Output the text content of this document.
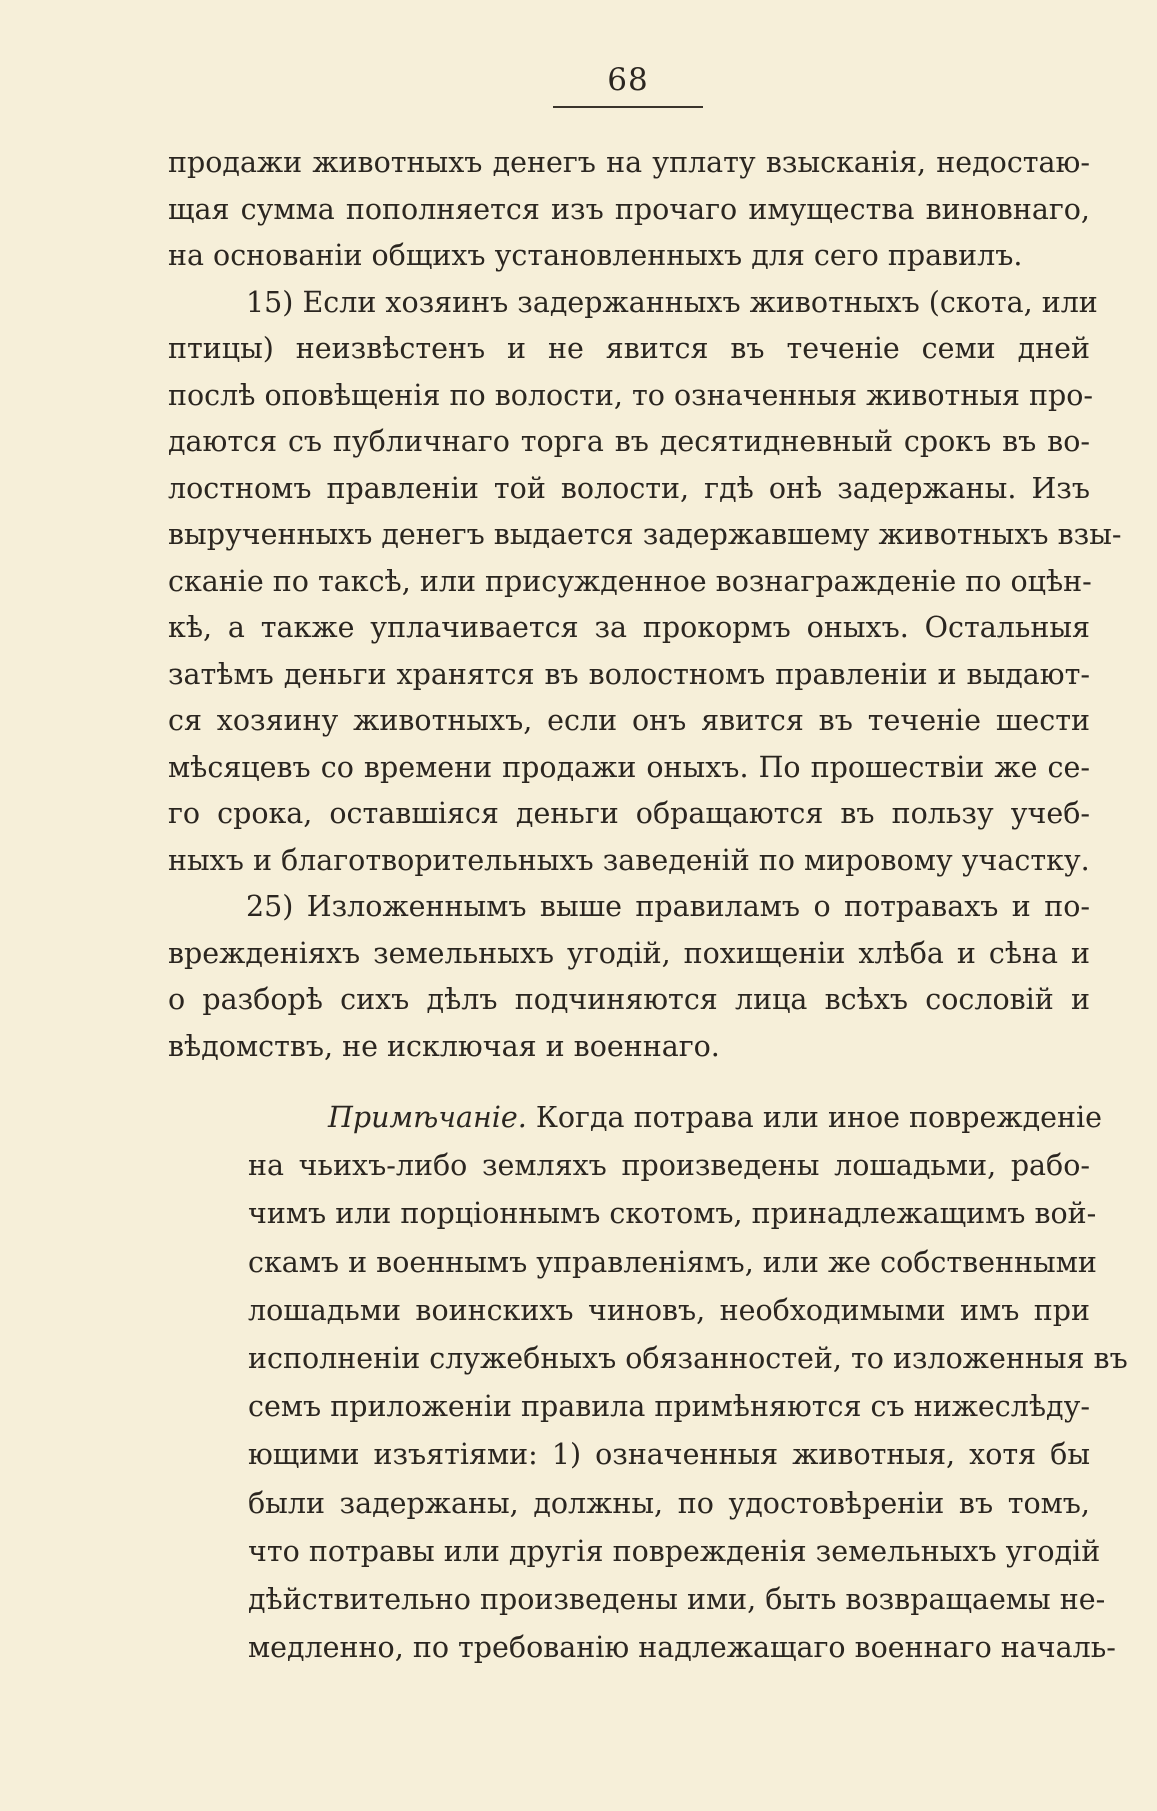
68
продажи животныхъ денегъ на уплату взысканія, недостаю-
щая сумма пополняется изъ прочаго имущества виновнаго,
на основаніи общихъ установленныхъ для сего правилъ.
15) Если хозяинъ задержанныхъ животныхъ (скота, или
птицы) неизвѣстенъ и не явится въ теченіе семи дней
послѣ оповѣщенія по волости, то означенныя животныя про-
даются съ публичнаго торга въ десятидневный срокъ въ во-
лостномъ правленіи той волости, гдѣ онѣ задержаны. Изъ
вырученныхъ денегъ выдается задержавшему животныхъ взы-
сканіе по таксѣ, или присужденное вознагражденіе по оцѣн-
кѣ, а также уплачивается за прокормъ оныхъ. Остальныя
затѣмъ деньги хранятся въ волостномъ правленіи и выдают-
ся хозяину животныхъ, если онъ явится въ теченіе шести
мѣсяцевъ со времени продажи оныхъ. По прошествіи же се-
го срока, оставшіяся деньги обращаются въ пользу учеб-
ныхъ и благотворительныхъ заведеній по мировому участку.
25) Изложеннымъ выше правиламъ о потравахъ и по-
врежденіяхъ земельныхъ угодій, похищеніи хлѣба и сѣна и
о разборѣ сихъ дѣлъ подчиняются лица всѣхъ сословій и
вѣдомствъ, не исключая и военнаго.
Примѣчаніе. Когда потрава или иное поврежденіе
на чьихъ-либо земляхъ произведены лошадьми, рабо-
чимъ или порціоннымъ скотомъ, принадлежащимъ вой-
скамъ и военнымъ управленіямъ, или же собственными
лошадьми воинскихъ чиновъ, необходимыми имъ при
исполненіи служебныхъ обязанностей, то изложенныя въ
семъ приложеніи правила примѣняются съ нижеслѣду-
ющими изъятіями: 1) означенныя животныя, хотя бы
были задержаны, должны, по удостовѣреніи въ томъ,
что потравы или другія поврежденія земельныхъ угодій
дѣйствительно произведены ими, быть возвращаемы не-
медленно, по требованію надлежащаго военнаго началь-
